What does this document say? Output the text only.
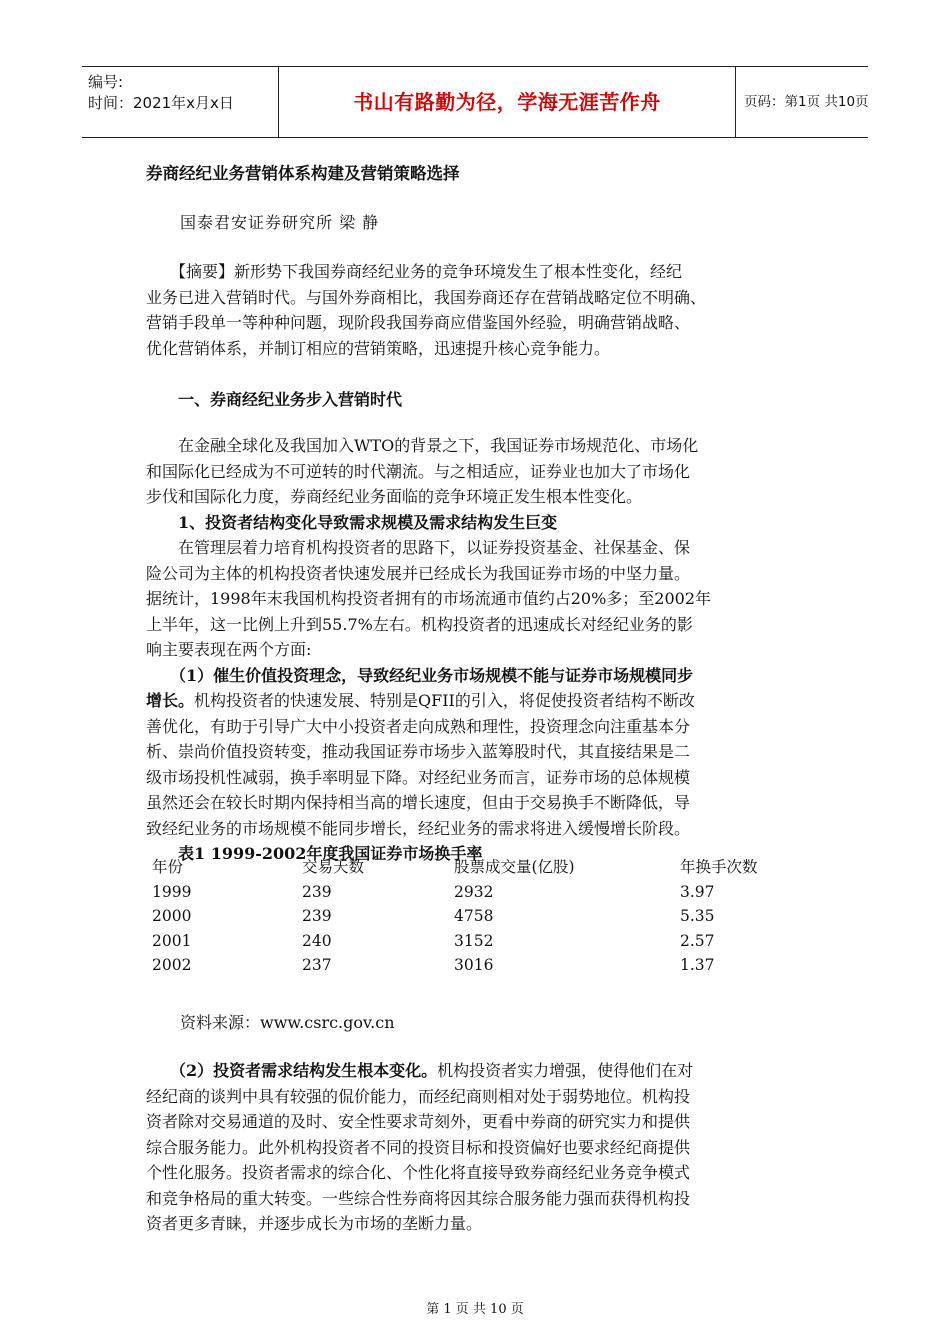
编号:
时间：2021年x月x日	书山有路勤为径，学海无涯苦作舟	页码：第1页 共10页
券商经纪业务营销体系构建及营销策略选择
国泰君安证券研究所 梁 静
　　【摘要】新形势下我国券商经纪业务的竞争环境发生了根本性变化，经纪
业务已进入营销时代。与国外券商相比，我国券商还存在营销战略定位不明确、
营销手段单一等种种问题，现阶段我国券商应借鉴国外经验，明确营销战略、
优化营销体系，并制订相应的营销策略，迅速提升核心竞争能力。
　　一、券商经纪业务步入营销时代
　　在金融全球化及我国加入WTO的背景之下，我国证券市场规范化、市场化
和国际化已经成为不可逆转的时代潮流。与之相适应，证券业也加大了市场化
步伐和国际化力度，券商经纪业务面临的竞争环境正发生根本性变化。
　　1、投资者结构变化导致需求规模及需求结构发生巨变
　　在管理层着力培育机构投资者的思路下，以证券投资基金、社保基金、保
险公司为主体的机构投资者快速发展并已经成长为我国证券市场的中坚力量。
据统计，1998年末我国机构投资者拥有的市场流通市值约占20%多；至2002年
上半年，这一比例上升到55.7%左右。机构投资者的迅速成长对经纪业务的影
响主要表现在两个方面:
　　（1）催生价值投资理念，导致经纪业务市场规模不能与证券市场规模同步
增长。机构投资者的快速发展、特别是QFII的引入，将促使投资者结构不断改
善优化，有助于引导广大中小投资者走向成熟和理性，投资理念向注重基本分
析、崇尚价值投资转变，推动我国证券市场步入蓝筹股时代，其直接结果是二
级市场投机性减弱，换手率明显下降。对经纪业务而言，证券市场的总体规模
虽然还会在较长时期内保持相当高的增长速度，但由于交易换手不断降低，导
致经纪业务的市场规模不能同步增长，经纪业务的需求将进入缓慢增长阶段。
　　表1 1999-2002年度我国证券市场换手率
年份	交易天数	股票成交量(亿股)	年换手次数
1999	239	2932	3.97
2000	239	4758	5.35
2001	240	3152	2.57
2002	237	3016	1.37
资料来源：www.csrc.gov.cn
　　（2）投资者需求结构发生根本变化。机构投资者实力增强，使得他们在对
经纪商的谈判中具有较强的侃价能力，而经纪商则相对处于弱势地位。机构投
资者除对交易通道的及时、安全性要求苛刻外，更看中券商的研究实力和提供
综合服务能力。此外机构投资者不同的投资目标和投资偏好也要求经纪商提供
个性化服务。投资者需求的综合化、个性化将直接导致券商经纪业务竞争模式
和竞争格局的重大转变。一些综合性券商将因其综合服务能力强而获得机构投
资者更多青睐，并逐步成长为市场的垄断力量。
第 1 页 共 10 页
